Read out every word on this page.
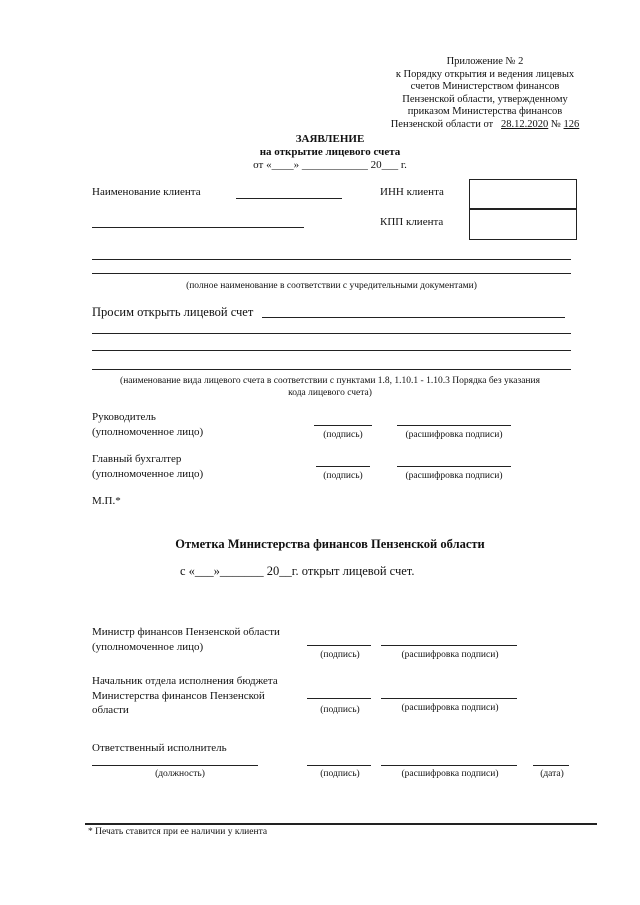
Приложение № 2
к Порядку открытия и ведения лицевых
счетов Министерством финансов
Пензенской области, утвержденному
приказом Министерства финансов
Пензенской области от 28.12.2020 № 126
ЗАЯВЛЕНИЕ
на открытие лицевого счета
от «____» ____________ 20___ г.
Наименование клиента	ИНН клиента
КПП клиента
(полное наименование в соответствии с учредительными документами)
Просим открыть лицевой счет
(наименование вида лицевого счета в соответствии с пунктами 1.8, 1.10.1 - 1.10.3 Порядка без указания
кода лицевого счета)
Руководитель
(уполномоченное лицо)	(подпись)	(расшифровка подписи)
Главный бухгалтер
(уполномоченное лицо)	(подпись)	(расшифровка подписи)
М.П.*
Отметка Министерства финансов Пензенской области
с «___»_______ 20__г. открыт лицевой счет.
Министр финансов Пензенской области
(уполномоченное лицо)
(подпись)	(расшифровка подписи)
Начальник отдела исполнения бюджета
Министерства финансов Пензенской
области	(подпись)	(расшифровка подписи)
Ответственный исполнитель
(должность)	(подпись)	(расшифровка подписи)	(дата)
* Печать ставится при ее наличии у клиента
